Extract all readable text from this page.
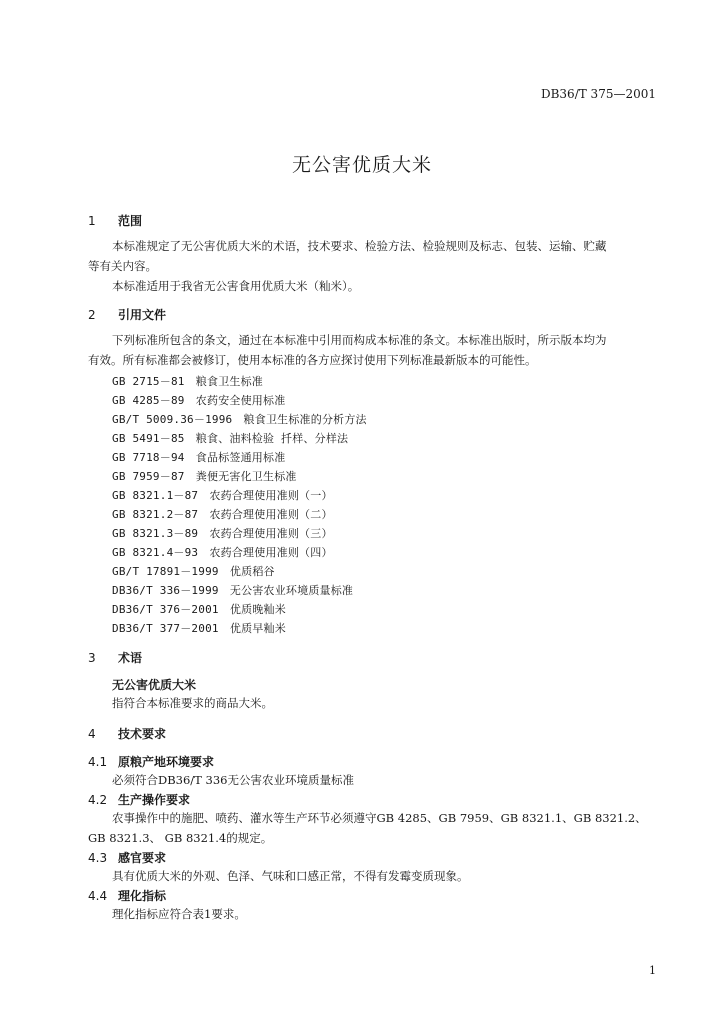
DB36/T 375—2001
无公害优质大米
1 范围
本标准规定了无公害优质大米的术语，技术要求、检验方法、检验规则及标志、包装、运输、贮藏
等有关内容。
本标准适用于我省无公害食用优质大米（籼米）。
2 引用文件
下列标准所包含的条文，通过在本标准中引用而构成本标准的条文。本标准出版时，所示版本均为
有效。所有标准都会被修订，使用本标准的各方应探讨使用下列标准最新版本的可能性。
GB 2715－81　粮食卫生标准
GB 4285－89　农药安全使用标准
GB/T 5009.36－1996　粮食卫生标准的分析方法
GB 5491－85　粮食、油料检验 扦样、分样法
GB 7718－94　食品标签通用标准
GB 7959－87　粪便无害化卫生标准
GB 8321.1－87　农药合理使用准则（一）
GB 8321.2－87　农药合理使用准则（二）
GB 8321.3－89　农药合理使用准则（三）
GB 8321.4－93　农药合理使用准则（四）
GB/T 17891－1999　优质稻谷
DB36/T 336－1999　无公害农业环境质量标准
DB36/T 376－2001　优质晚籼米
DB36/T 377－2001　优质早籼米
3 术语
无公害优质大米
指符合本标准要求的商品大米。
4 技术要求
4.1 原粮产地环境要求
必须符合DB36/T 336无公害农业环境质量标准
4.2 生产操作要求
农事操作中的施肥、喷药、灌水等生产环节必须遵守GB 4285、GB 7959、GB 8321.1、GB 8321.2、
GB 8321.3、 GB 8321.4的规定。
4.3 感官要求
具有优质大米的外观、色泽、气味和口感正常，不得有发霉变质现象。
4.4 理化指标
理化指标应符合表1要求。
1
